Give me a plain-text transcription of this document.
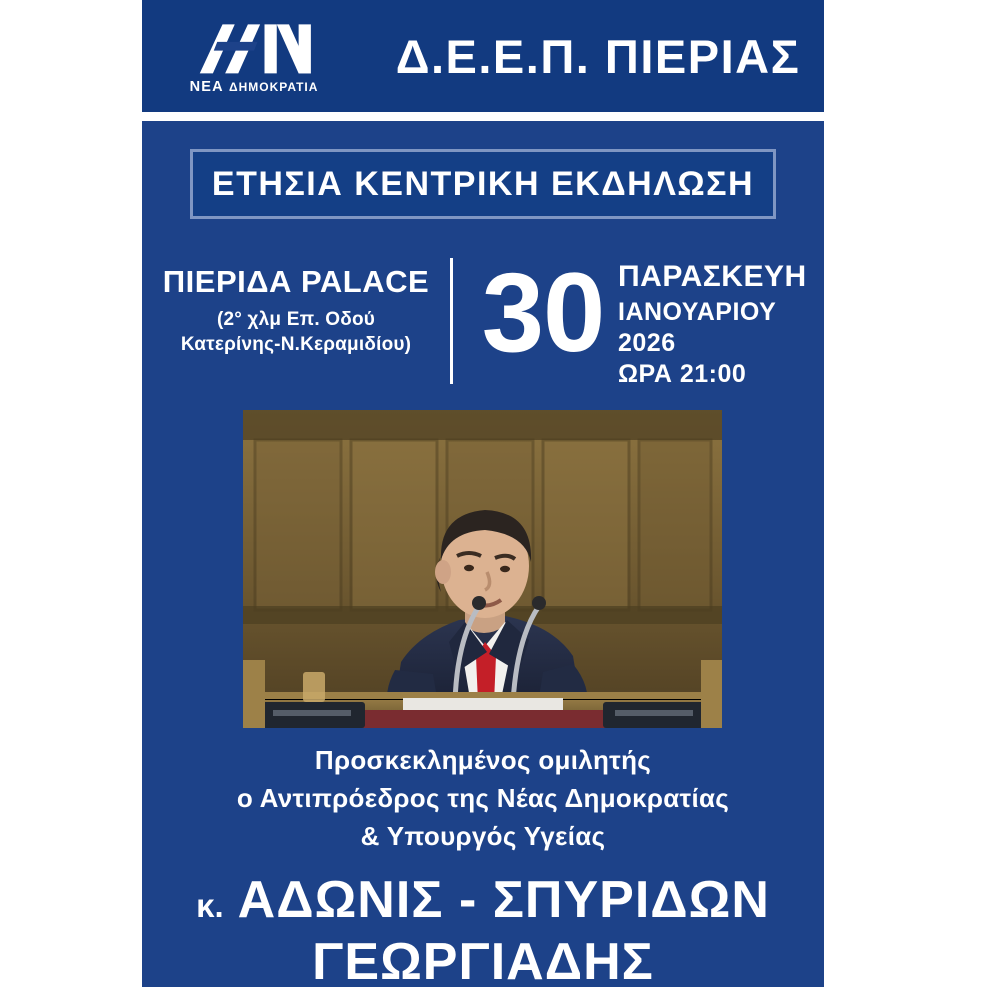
ΝΕΑ ΔΗΜΟΚΡΑΤΙΑ
Δ.Ε.Ε.Π. ΠΙΕΡΙΑΣ
ΕΤΗΣΙΑ ΚΕΝΤΡΙΚΗ ΕΚΔΗΛΩΣΗ
ΠΙΕΡΙΔΑ PALACE
(2° χλμ Επ. Οδού
Κατερίνης-Ν.Κεραμιδίου) 30 ΠΑΡΑΣΚΕΥΗ
ΙΑΝΟΥΑΡΙΟΥ
2026
ΩΡΑ 21:00
Προσκεκλημένος ομιλητής
ο Αντιπρόεδρος της Νέας Δημοκρατίας
& Υπουργός Υγείας
κ. ΑΔΩΝΙΣ - ΣΠΥΡΙΔΩΝ
ΓΕΩΡΓΙΑΔΗΣ
